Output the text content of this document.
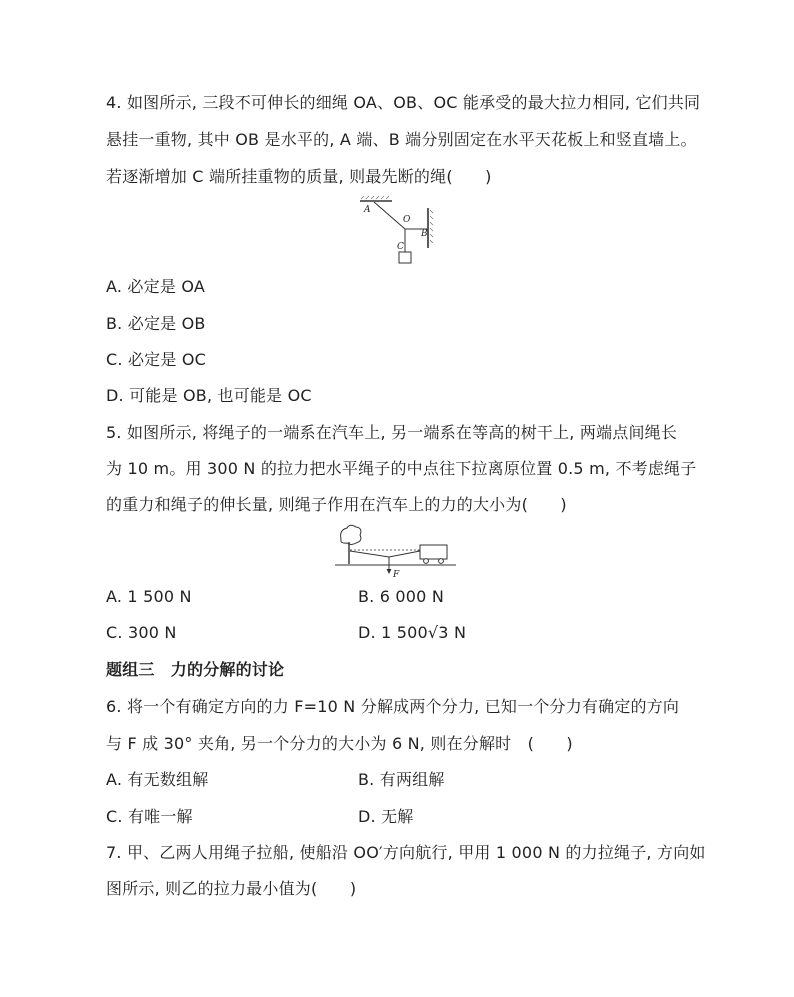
4. 如图所示, 三段不可伸长的细绳 OA、OB、OC 能承受的最大拉力相同, 它们共同
悬挂一重物, 其中 OB 是水平的, A 端、B 端分别固定在水平天花板上和竖直墙上。
若逐渐增加 C 端所挂重物的质量, 则最先断的绳(　　)
A
O
B
C
A. 必定是 OA
B. 必定是 OB
C. 必定是 OC
D. 可能是 OB, 也可能是 OC
5. 如图所示, 将绳子的一端系在汽车上, 另一端系在等高的树干上, 两端点间绳长
为 10 m。用 300 N 的拉力把水平绳子的中点往下拉离原位置 0.5 m, 不考虑绳子
的重力和绳子的伸长量, 则绳子作用在汽车上的力的大小为(　　)
F
A. 1 500 N	B. 6 000 N
C. 300 N	D. 1 500√3 N
题组三　力的分解的讨论
6. 将一个有确定方向的力 F=10 N 分解成两个分力, 已知一个分力有确定的方向
与 F 成 30° 夹角, 另一个分力的大小为 6 N, 则在分解时　(　　)
A. 有无数组解	B. 有两组解
C. 有唯一解	D. 无解
7. 甲、乙两人用绳子拉船, 使船沿 OO′方向航行, 甲用 1 000 N 的力拉绳子, 方向如
图所示, 则乙的拉力最小值为(　　)
